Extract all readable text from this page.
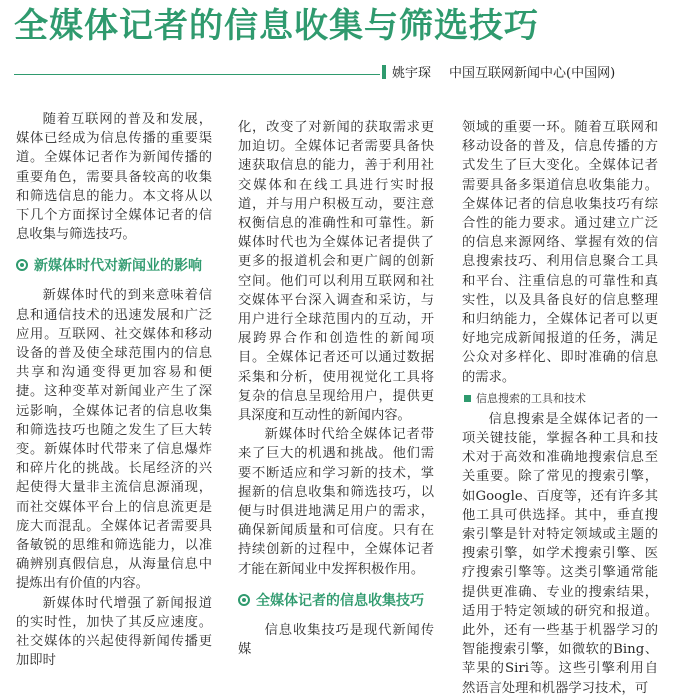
全媒体记者的信息收集与筛选技巧
姚宇琛 中国互联网新闻中心(中国网)

随着互联网的普及和发展，媒体已经成为信息传播的重要渠道。全媒体记者作为新闻传播的重要角色，需要具备较高的收集和筛选信息的能力。本文将从以下几个方面探讨全媒体记者的信息收集与筛选技巧。

新媒体时代对新闻业的影响

新媒体时代的到来意味着信息和通信技术的迅速发展和广泛应用。互联网、社交媒体和移动设备的普及使全球范围内的信息共享和沟通变得更加容易和便捷。这种变革对新闻业产生了深远影响，全媒体记者的信息收集和筛选技巧也随之发生了巨大转变。新媒体时代带来了信息爆炸和碎片化的挑战。长尾经济的兴起使得大量非主流信息源涌现，而社交媒体平台上的信息流更是庞大而混乱。全媒体记者需要具备敏锐的思维和筛选能力，以准确辨别真假信息，从海量信息中提炼出有价值的内容。

新媒体时代增强了新闻报道的实时性，加快了其反应速度。社交媒体的兴起使得新闻传播更加即时

化，改变了对新闻的获取需求更加迫切。全媒体记者需要具备快速获取信息的能力，善于利用社交媒体和在线工具进行实时报道，并与用户积极互动，要注意权衡信息的准确性和可靠性。新媒体时代也为全媒体记者提供了更多的报道机会和更广阔的创新空间。他们可以利用互联网和社交媒体平台深入调查和采访，与用户进行全球范围内的互动，开展跨界合作和创造性的新闻项目。全媒体记者还可以通过数据采集和分析，使用视觉化工具将复杂的信息呈现给用户，提供更具深度和互动性的新闻内容。

新媒体时代给全媒体记者带来了巨大的机遇和挑战。他们需要不断适应和学习新的技术，掌握新的信息收集和筛选技巧，以便与时俱进地满足用户的需求，确保新闻质量和可信度。只有在持续创新的过程中，全媒体记者才能在新闻业中发挥积极作用。

全媒体记者的信息收集技巧

信息收集技巧是现代新闻传媒

领域的重要一环。随着互联网和移动设备的普及，信息传播的方式发生了巨大变化。全媒体记者需要具备多渠道信息收集能力。全媒体记者的信息收集技巧有综合性的能力要求。通过建立广泛的信息来源网络、掌握有效的信息搜索技巧、利用信息聚合工具和平台、注重信息的可靠性和真实性，以及具备良好的信息整理和归纳能力，全媒体记者可以更好地完成新闻报道的任务，满足公众对多样化、即时准确的信息的需求。

信息搜索的工具和技术

信息搜索是全媒体记者的一项关键技能，掌握各种工具和技术对于高效和准确地搜索信息至关重要。除了常见的搜索引擎，如Google、百度等，还有许多其他工具可供选择。其中，垂直搜索引擎是针对特定领域或主题的搜索引擎，如学术搜索引擎、医疗搜索引擎等。这类引擎通常能提供更准确、专业的搜索结果，适用于特定领域的研究和报道。此外，还有一些基于机器学习的智能搜索引擎，如微软的Bing、苹果的Siri等。这些引擎利用自然语言处理和机器学习技术，可
